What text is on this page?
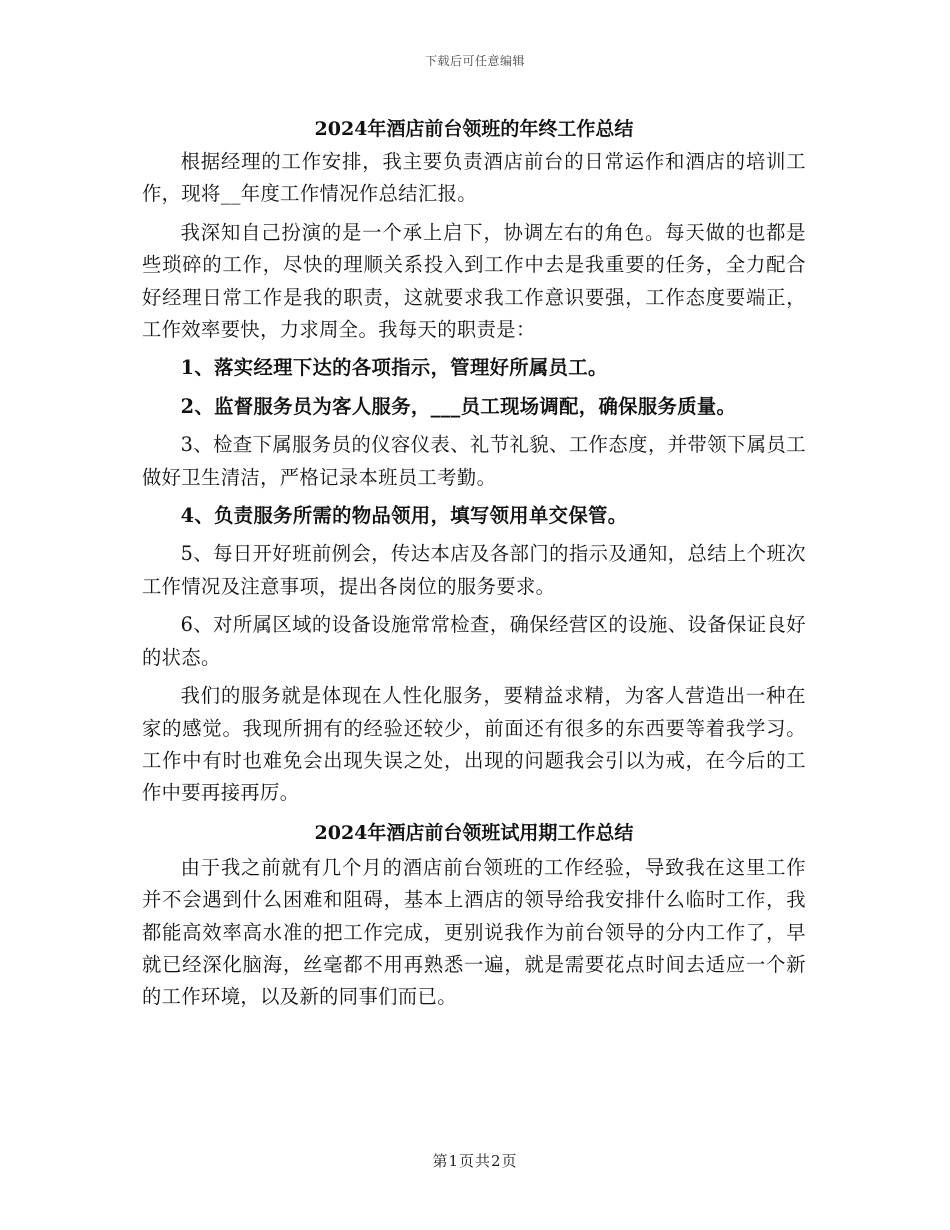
下载后可任意编辑
2024年酒店前台领班的年终工作总结

根据经理的工作安排，我主要负责酒店前台的日常运作和酒店的培训工作，现将__年度工作情况作总结汇报。

我深知自己扮演的是一个承上启下，协调左右的角色。每天做的也都是些琐碎的工作，尽快的理顺关系投入到工作中去是我重要的任务，全力配合好经理日常工作是我的职责，这就要求我工作意识要强，工作态度要端正，工作效率要快，力求周全。我每天的职责是：

1、落实经理下达的各项指示，管理好所属员工。

2、监督服务员为客人服务，___员工现场调配，确保服务质量。

3、检查下属服务员的仪容仪表、礼节礼貌、工作态度，并带领下属员工做好卫生清洁，严格记录本班员工考勤。

4、负责服务所需的物品领用，填写领用单交保管。

5、每日开好班前例会，传达本店及各部门的指示及通知，总结上个班次工作情况及注意事项，提出各岗位的服务要求。

6、对所属区域的设备设施常常检查，确保经营区的设施、设备保证良好的状态。

我们的服务就是体现在人性化服务，要精益求精，为客人营造出一种在家的感觉。我现所拥有的经验还较少，前面还有很多的东西要等着我学习。工作中有时也难免会出现失误之处，出现的问题我会引以为戒，在今后的工作中要再接再厉。

2024年酒店前台领班试用期工作总结

由于我之前就有几个月的酒店前台领班的工作经验，导致我在这里工作并不会遇到什么困难和阻碍，基本上酒店的领导给我安排什么临时工作，我都能高效率高水准的把工作完成，更别说我作为前台领导的分内工作了，早就已经深化脑海，丝毫都不用再熟悉一遍，就是需要花点时间去适应一个新的工作环境，以及新的同事们而已。

第1页共2页
